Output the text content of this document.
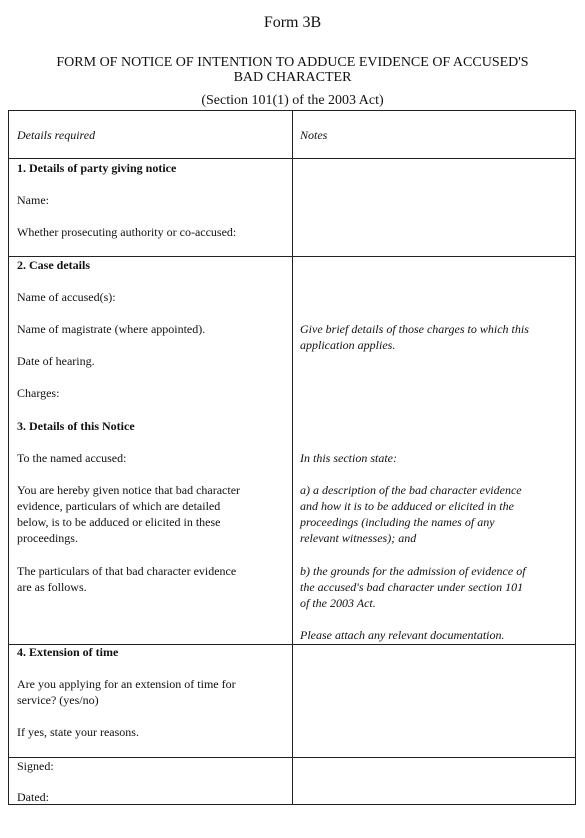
Form 3B
FORM OF NOTICE OF INTENTION TO ADDUCE EVIDENCE OF ACCUSED'S
BAD CHARACTER
(Section 101(1) of the 2003 Act)
Details required	Notes
1. Details of party giving notice
Name:
Whether prosecuting authority or co-accused:
2. Case details
Name of accused(s):
Name of magistrate (where appointed).
Date of hearing.
Charges:
Give brief details of those charges to which this
application applies.
3. Details of this Notice
To the named accused:
You are hereby given notice that bad character
evidence, particulars of which are detailed
below, is to be adduced or elicited in these
proceedings.
The particulars of that bad character evidence
are as follows.
In this section state:
a) a description of the bad character evidence
and how it is to be adduced or elicited in the
proceedings (including the names of any
relevant witnesses); and
b) the grounds for the admission of evidence of
the accused's bad character under section 101
of the 2003 Act.
Please attach any relevant documentation.
4. Extension of time
Are you applying for an extension of time for
service? (yes/no)
If yes, state your reasons.
Signed:
Dated:
